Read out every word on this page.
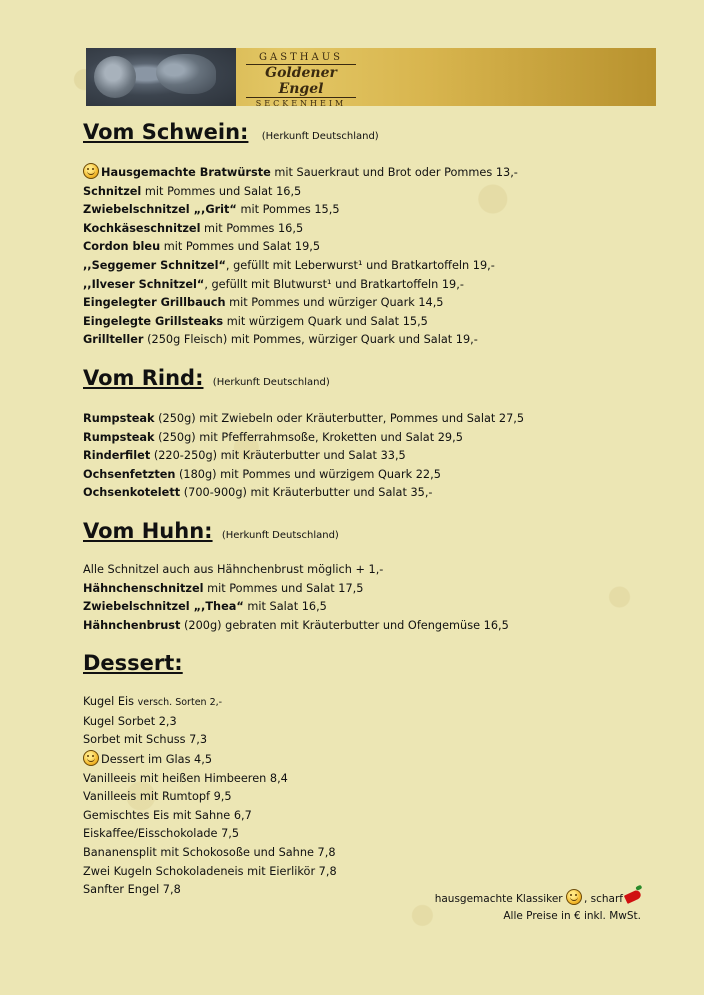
GASTHAUS
Goldener Engel
SECKENHEIM
Vom Schwein: (Herkunft Deutschland)
Hausgemachte Bratwürste mit Sauerkraut und Brot oder Pommes 13,-
Schnitzel mit Pommes und Salat 16,5
Zwiebelschnitzel „,Grit“ mit Pommes 15,5
Kochkäseschnitzel mit Pommes 16,5
Cordon bleu mit Pommes und Salat 19,5
,,Seggemer Schnitzel“, gefüllt mit Leberwurst¹ und Bratkartoffeln 19,-
,,Ilveser Schnitzel“, gefüllt mit Blutwurst¹ und Bratkartoffeln 19,-
Eingelegter Grillbauch mit Pommes und würziger Quark 14,5
Eingelegte Grillsteaks mit würzigem Quark und Salat 15,5
Grillteller (250g Fleisch) mit Pommes, würziger Quark und Salat 19,-
Vom Rind: (Herkunft Deutschland)
Rumpsteak (250g) mit Zwiebeln oder Kräuterbutter, Pommes und Salat 27,5
Rumpsteak (250g) mit Pfefferrahmsoße, Kroketten und Salat 29,5
Rinderfilet (220-250g) mit Kräuterbutter und Salat 33,5
Ochsenfetzten (180g) mit Pommes und würzigem Quark 22,5
Ochsenkotelett (700-900g) mit Kräuterbutter und Salat 35,-
Vom Huhn: (Herkunft Deutschland)
Alle Schnitzel auch aus Hähnchenbrust möglich + 1,-
Hähnchenschnitzel mit Pommes und Salat 17,5
Zwiebelschnitzel „,Thea“ mit Salat 16,5
Hähnchenbrust (200g) gebraten mit Kräuterbutter und Ofengemüse 16,5
Dessert:
Kugel Eis versch. Sorten 2,-
Kugel Sorbet 2,3
Sorbet mit Schuss 7,3
Dessert im Glas 4,5
Vanilleeis mit heißen Himbeeren 8,4
Vanilleeis mit Rumtopf 9,5
Gemischtes Eis mit Sahne 6,7
Eiskaffee/Eisschokolade 7,5
Bananensplit mit Schokosoße und Sahne 7,8
Zwei Kugeln Schokoladeneis mit Eierlikör 7,8
Sanfter Engel 7,8
hausgemachte Klassiker , scharf
Alle Preise in € inkl. MwSt.
